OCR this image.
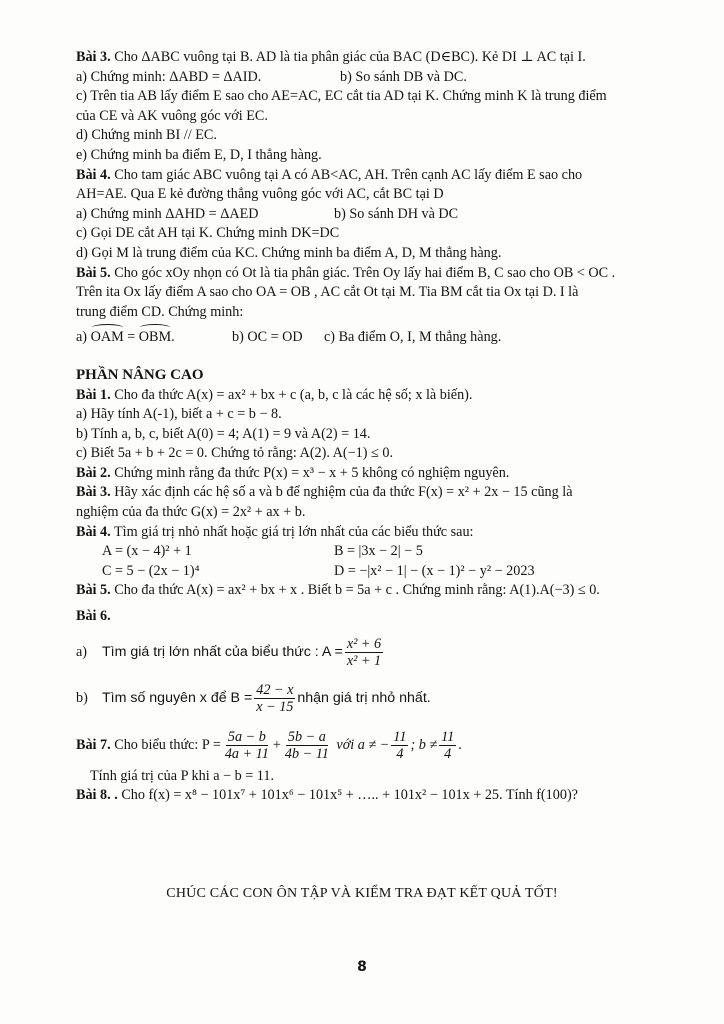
Bài 3. Cho ΔABC vuông tại B. AD là tia phân giác của BAC (D∈BC). Kẻ DI ⊥ AC tại I.
a) Chứng minh: ΔABD = ΔAID.	b) So sánh DB và DC.
c) Trên tia AB lấy điểm E sao cho AE=AC, EC cắt tia AD tại K. Chứng minh K là trung điểm
của CE và AK vuông góc với EC.
d) Chứng minh BI // EC.
e) Chứng minh ba điểm E, D, I thẳng hàng.
Bài 4. Cho tam giác ABC vuông tại A có AB<AC, AH. Trên cạnh AC lấy điểm E sao cho
AH=AE. Qua E kẻ đường thẳng vuông góc với AC, cắt BC tại D
a) Chứng minh ΔAHD = ΔAED	b) So sánh DH và DC
c) Gọi DE cắt AH tại K. Chứng minh DK=DC
d) Gọi M là trung điểm của KC. Chứng minh ba điểm A, D, M thẳng hàng.
Bài 5. Cho góc xOy nhọn có Ot là tia phân giác. Trên Oy lấy hai điểm B, C sao cho OB < OC .
Trên ita Ox lấy điểm A sao cho OA = OB , AC cắt Ot tại M. Tia BM cắt tia Ox tại D. I là
trung điểm CD. Chứng minh:
a) OAM = OBM.	b) OC = OD c) Ba điểm O, I, M thẳng hàng.
PHẦN NÂNG CAO
Bài 1. Cho đa thức A(x) = ax² + bx + c (a, b, c là các hệ số; x là biến).
a) Hãy tính A(-1), biết a + c = b − 8.
b) Tính a, b, c, biết A(0) = 4; A(1) = 9 và A(2) = 14.
c) Biết 5a + b + 2c = 0. Chứng tỏ rằng: A(2). A(−1) ≤ 0.
Bài 2. Chứng minh rằng đa thức P(x) = x³ − x + 5 không có nghiệm nguyên.
Bài 3. Hãy xác định các hệ số a và b để nghiệm của đa thức F(x) = x² + 2x − 15 cũng là
nghiệm của đa thức G(x) = 2x² + ax + b.
Bài 4. Tìm giá trị nhỏ nhất hoặc giá trị lớn nhất của các biểu thức sau:
A = (x − 4)² + 1	B = |3x − 2| − 5
C = 5 − (2x − 1)⁴	D = −|x² − 1| − (x − 1)² − y² − 2023
Bài 5. Cho đa thức A(x) = ax² + bx + x . Biết b = 5a + c . Chứng minh rằng: A(1).A(−3) ≤ 0.
Bài 6.
a)	Tìm giá trị lớn nhất của biểu thức : $A = \frac{\text{x² + 6}}{\text{x² + 1}}$
b) Tìm số nguyên x để $B = \frac{42 - x}{x - 15}$ nhận giá trị nhỏ nhất.
Bài 7.
Cho biểu thức: $P = \frac{5a - b}{4a + 11} + \frac{5b - a}{4b - 11}$
với a ≠ − $\frac{11}{4}$ ; $b \ne \frac{11}{4}$ .
Tính giá trị của P khi a − b = 11.
Bài 8. . Cho f(x) = x⁸ − 101x⁷ + 101x⁶ − 101x⁵ + ….. + 101x² − 101x + 25. Tính f(100)?
CHÚC CÁC CON ÔN TẬP VÀ KIỂM TRA ĐẠT KẾT QUẢ TỐT!
8
